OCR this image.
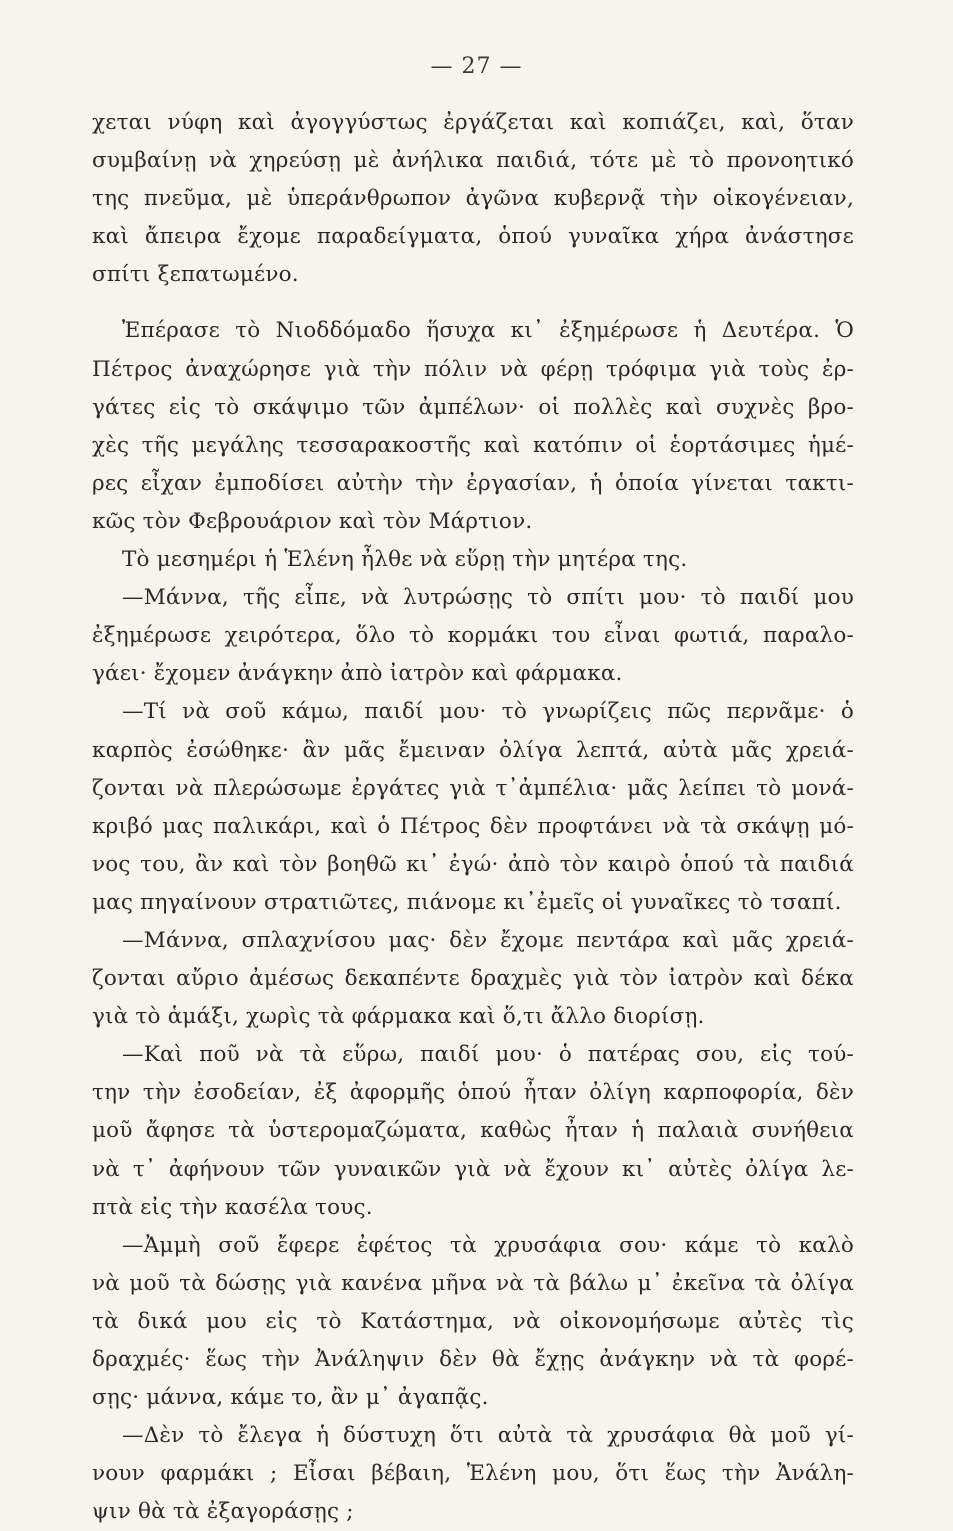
— 27 —
χεται νύφη καὶ ἀγογγύστως ἐργάζεται καὶ κοπιάζει, καὶ, ὅταν
συμβαίνῃ νὰ χηρεύσῃ μὲ ἀνήλικα παιδιά, τότε μὲ τὸ προνοητικό
της πνεῦμα, μὲ ὑπεράνθρωπον ἀγῶνα κυβερνᾷ τὴν οἰκογένειαν,
καὶ ἄπειρα ἔχομε παραδείγματα, ὁπού γυναῖκα χήρα ἀνάστησε
σπίτι ξεπατωμένο.
Ἐπέρασε τὸ Νιοδδόμαδο ἥσυχα κι᾽ ἐξημέρωσε ἡ Δευτέρα. Ὁ
Πέτρος ἀναχώρησε γιὰ τὴν πόλιν νὰ φέρῃ τρόφιμα γιὰ τοὺς ἐρ-
γάτες εἰς τὸ σκάψιμο τῶν ἀμπέλων· οἱ πολλὲς καὶ συχνὲς βρο-
χὲς τῆς μεγάλης τεσσαρακοστῆς καὶ κατόπιν οἱ ἑορτάσιμες ἡμέ-
ρες εἶχαν ἐμποδίσει αὐτὴν τὴν ἐργασίαν, ἡ ὁποία γίνεται τακτι-
κῶς τὸν Φεβρουάριον καὶ τὸν Μάρτιον.
Τὸ μεσημέρι ἡ Ἑλένη ἦλθε νὰ εὕρῃ τὴν μητέρα της.
—Μάννα, τῆς εἶπε, νὰ λυτρώσῃς τὸ σπίτι μου· τὸ παιδί μου
ἐξημέρωσε χειρότερα, ὅλο τὸ κορμάκι του εἶναι φωτιά, παραλο-
γάει· ἔχομεν ἀνάγκην ἀπὸ ἰατρὸν καὶ φάρμακα.
—Τί νὰ σοῦ κάμω, παιδί μου· τὸ γνωρίζεις πῶς περνᾶμε· ὁ
καρπὸς ἐσώθηκε· ἂν μᾶς ἔμειναν ὀλίγα λεπτά, αὐτὰ μᾶς χρειά-
ζονται νὰ πλερώσωμε ἐργάτες γιὰ τ᾽ἀμπέλια· μᾶς λείπει τὸ μονά-
κριβό μας παλικάρι, καὶ ὁ Πέτρος δὲν προφτάνει νὰ τὰ σκάψῃ μό-
νος του, ἂν καὶ τὸν βοηθῶ κι᾽ ἐγώ· ἀπὸ τὸν καιρὸ ὁπού τὰ παιδιά
μας πηγαίνουν στρατιῶτες, πιάνομε κι᾽ἐμεῖς οἱ γυναῖκες τὸ τσαπί.
—Μάννα, σπλαχνίσου μας· δὲν ἔχομε πεντάρα καὶ μᾶς χρειά-
ζονται αὔριο ἀμέσως δεκαπέντε δραχμὲς γιὰ τὸν ἰατρὸν καὶ δέκα
γιὰ τὸ ἁμάξι, χωρὶς τὰ φάρμακα καὶ ὅ,τι ἄλλο διορίσῃ.
—Καὶ ποῦ νὰ τὰ εὕρω, παιδί μου· ὁ πατέρας σου, εἰς τού-
την τὴν ἐσοδείαν, ἐξ ἀφορμῆς ὁπού ἦταν ὀλίγη καρποφορία, δὲν
μοῦ ἄφησε τὰ ὑστερομαζώματα, καθὼς ἦταν ἡ παλαιὰ συνήθεια
νὰ τ᾽ ἀφήνουν τῶν γυναικῶν γιὰ νὰ ἔχουν κι᾽ αὐτὲς ὀλίγα λε-
πτὰ εἰς τὴν κασέλα τους.
—Ἀμμὴ σοῦ ἔφερε ἐφέτος τὰ χρυσάφια σου· κάμε τὸ καλὸ
νὰ μοῦ τὰ δώσῃς γιὰ κανένα μῆνα νὰ τὰ βάλω μ᾽ ἐκεῖνα τὰ ὀλίγα
τὰ δικά μου εἰς τὸ Κατάστημα, νὰ οἰκονομήσωμε αὐτὲς τὶς
δραχμές· ἕως τὴν Ἀνάληψιν δὲν θὰ ἔχῃς ἀνάγκην νὰ τὰ φορέ-
σῃς· μάννα, κάμε το, ἂν μ᾽ ἀγαπᾷς.
—Δὲν τὸ ἔλεγα ἡ δύστυχη ὅτι αὐτὰ τὰ χρυσάφια θὰ μοῦ γί-
νουν φαρμάκι ; Εἶσαι βέβαιη, Ἑλένη μου, ὅτι ἕως τὴν Ἀνάλη-
ψιν θὰ τὰ ἐξαγοράσῃς ;
